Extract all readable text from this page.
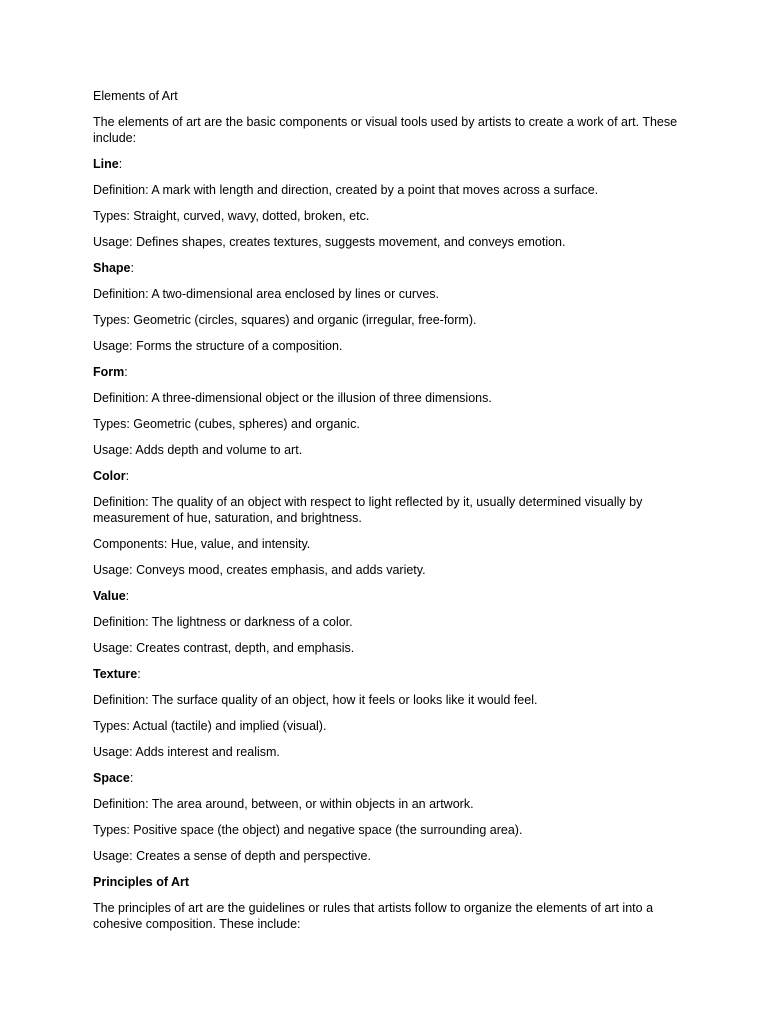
Elements of Art

The elements of art are the basic components or visual tools used by artists to create a work of art. These include:

Line:

Definition: A mark with length and direction, created by a point that moves across a surface.

Types: Straight, curved, wavy, dotted, broken, etc.

Usage: Defines shapes, creates textures, suggests movement, and conveys emotion.

Shape:

Definition: A two-dimensional area enclosed by lines or curves.

Types: Geometric (circles, squares) and organic (irregular, free-form).

Usage: Forms the structure of a composition.

Form:

Definition: A three-dimensional object or the illusion of three dimensions.

Types: Geometric (cubes, spheres) and organic.

Usage: Adds depth and volume to art.

Color:

Definition: The quality of an object with respect to light reflected by it, usually determined visually by measurement of hue, saturation, and brightness.

Components: Hue, value, and intensity.

Usage: Conveys mood, creates emphasis, and adds variety.

Value:

Definition: The lightness or darkness of a color.

Usage: Creates contrast, depth, and emphasis.

Texture:

Definition: The surface quality of an object, how it feels or looks like it would feel.

Types: Actual (tactile) and implied (visual).

Usage: Adds interest and realism.

Space:

Definition: The area around, between, or within objects in an artwork.

Types: Positive space (the object) and negative space (the surrounding area).

Usage: Creates a sense of depth and perspective.

Principles of Art

The principles of art are the guidelines or rules that artists follow to organize the elements of art into a cohesive composition. These include:
